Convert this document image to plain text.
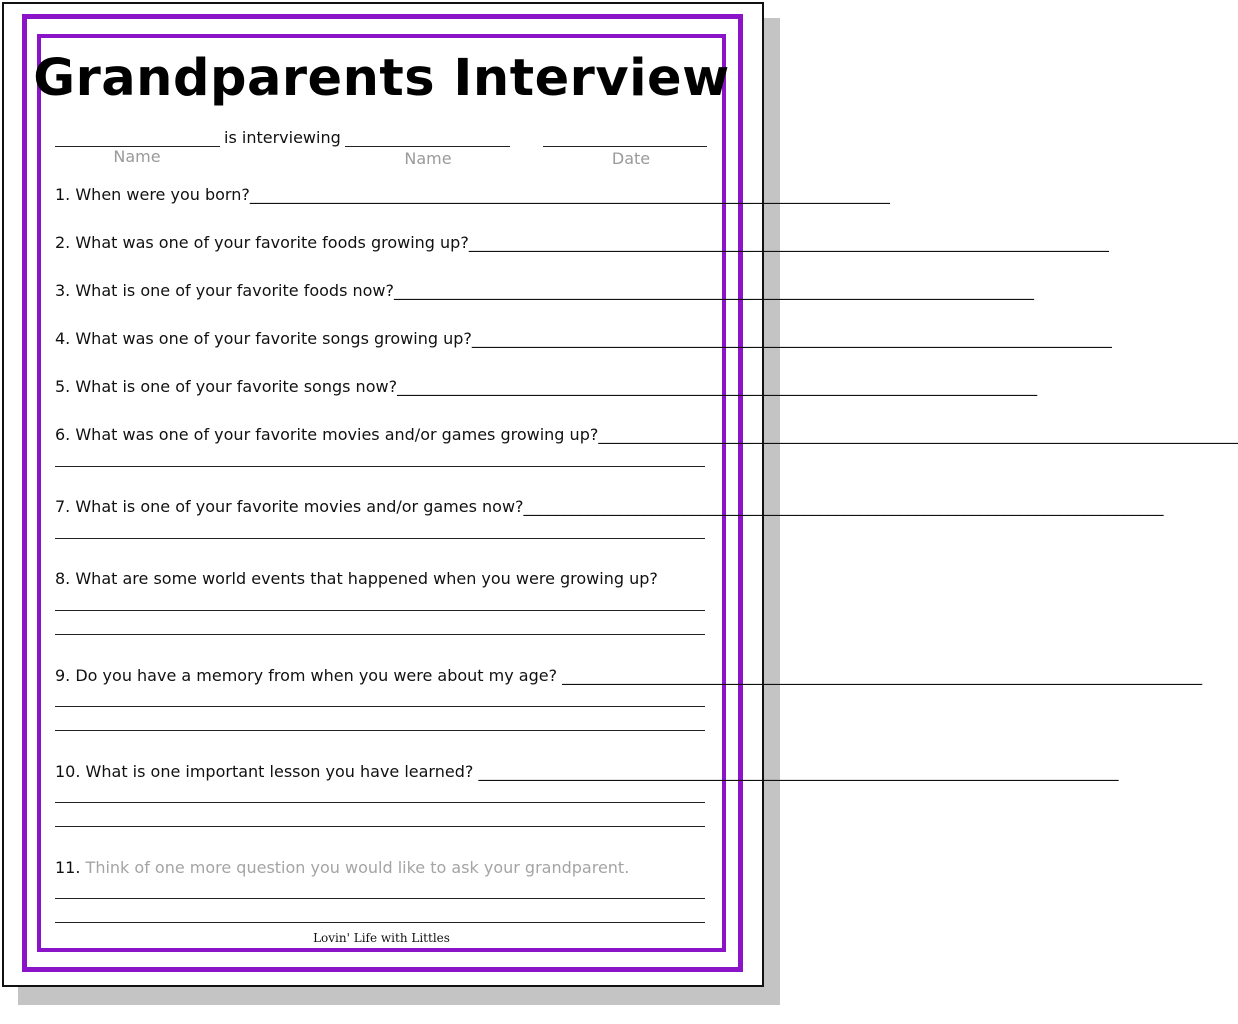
Grandparents Interview
is interviewing
Name	Name	Date
1. When were you born?________________________________________________________________________________
2. What was one of your favorite foods growing up?________________________________________________________________________________
3. What is one of your favorite foods now?________________________________________________________________________________
4. What was one of your favorite songs growing up?________________________________________________________________________________
5. What is one of your favorite songs now?________________________________________________________________________________
6. What was one of your favorite movies and/or games growing up?________________________________________________________________________________
7. What is one of your favorite movies and/or games now?________________________________________________________________________________
8. What are some world events that happened when you were growing up?
9. Do you have a memory from when you were about my age? ________________________________________________________________________________
10. What is one important lesson you have learned? ________________________________________________________________________________
11. Think of one more question you would like to ask your grandparent.
Lovin' Life with Littles
